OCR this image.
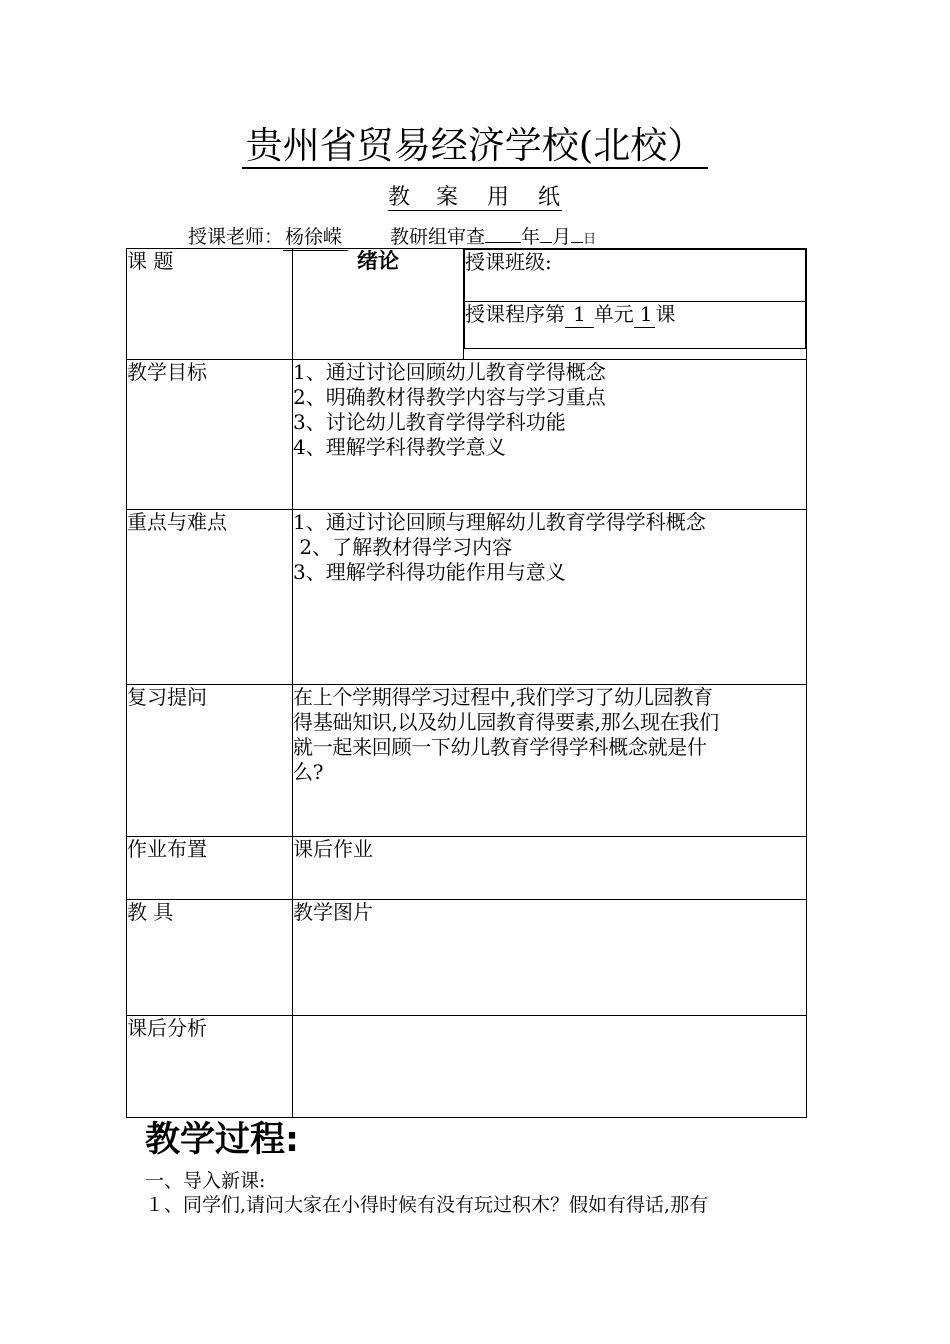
贵州省贸易经济学校(北校）
教　案 用 纸
授课老师： 杨徐嵘	教研组审查 年 月 日
课 题	绪论		授课班级:
授课程序第 1 单元 1 课

教学目标	1、通过讨论回顾幼儿教育学得概念
2、明确教材得教学内容与学习重点
3、讨论幼儿教育学得学科功能
4、理解学科得教学意义

重点与难点	1、通过讨论回顾与理解幼儿教育学得学科概念
2、了解教材得学习内容
3、理解学科得功能作用与意义

复习提问	在上个学期得学习过程中,我们学习了幼儿园教育
得基础知识,以及幼儿园教育得要素,那么现在我们
就一起来回顾一下幼儿教育学得学科概念就是什
么?

作业布置	课后作业
教 具	教学图片
课后分析	
教学过程:
一、导入新课:
１、同学们,请问大家在小得时候有没有玩过积木？假如有得话,那有
